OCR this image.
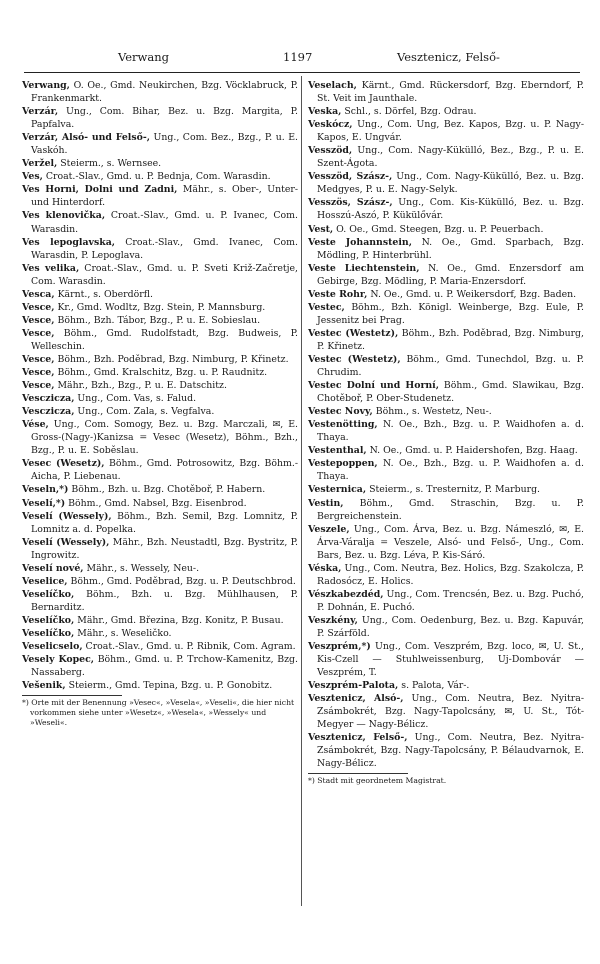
Verwang	1197	Vesztenicz, Felső-

Verwang, O. Oe., Gmd. Neukirchen, Bzg. Vöcklabruck, P. Frankenmarkt.

Verzár, Ung., Com. Bihar, Bez. u. Bzg. Margita, P. Papfalva.

Verzár, Alsó- und Felső-, Ung., Com. Bez., Bzg., P. u. E. Vaskóh.

Veržel, Steierm., s. Wernsee.

Ves, Croat.-Slav., Gmd. u. P. Bednja, Com. Warasdin.

Ves Horni, Dolni und Zadni, Mähr., s. Ober-, Unter- und Hinterdorf.

Ves klenovička, Croat.-Slav., Gmd. u. P. Ivanec, Com. Warasdin.

Ves lepoglavska, Croat.-Slav., Gmd. Ivanec, Com. Warasdin, P. Lepoglava.

Ves velika, Croat.-Slav., Gmd. u. P. Sveti Križ-Začretje, Com. Warasdin.

Vesca, Kärnt., s. Oberdörfl.

Vesce, Kr., Gmd. Wodltz, Bzg. Stein, P. Mannsburg.

Vesce, Böhm., Bzh. Tábor, Bzg., P. u. E. Sobieslau.

Vesce, Böhm., Gmd. Rudolfstadt, Bzg. Budweis, P. Welleschin.

Vesce, Böhm., Bzh. Poděbrad, Bzg. Nimburg, P. Křinetz.

Vesce, Böhm., Gmd. Kralschitz, Bzg. u. P. Raudnitz.

Vesce, Mähr., Bzh., Bzg., P. u. E. Datschitz.

Vesczicza, Ung., Com. Vas, s. Falud.

Vesczicza, Ung., Com. Zala, s. Vegfalva.

Vése, Ung., Com. Somogy, Bez. u. Bzg. Marczali, ✉, E. Gross-(Nagy-)Kanizsa = Vesec (Wesetz), Böhm., Bzh., Bzg., P. u. E. Soběslau.

Vesec (Wesetz), Böhm., Gmd. Potrosowitz, Bzg. Böhm.-Aicha, P. Liebenau.

Veseln,*) Böhm., Bzh. u. Bzg. Chotěboř, P. Habern.

Veselí,*) Böhm., Gmd. Nabsel, Bzg. Eisenbrod.

Veselí (Wessely), Böhm., Bzh. Semil, Bzg. Lomnitz, P. Lomnitz a. d. Popelka.

Veselí (Wessely), Mähr., Bzh. Neustadtl, Bzg. Bystritz, P. Ingrowitz.

Veselí nové, Mähr., s. Wessely, Neu-.

Veselice, Böhm., Gmd. Poděbrad, Bzg. u. P. Deutschbrod.

Veselíčko, Böhm., Bzh. u. Bzg. Mühlhausen, P. Bernarditz.

Veselíčko, Mähr., Gmd. Březina, Bzg. Konitz, P. Busau.

Veselíčko, Mähr., s. Weseličko.

Veselicselo, Croat.-Slav., Gmd. u. P. Ribnik, Com. Agram.

Vesely Kopec, Böhm., Gmd. u. P. Trchow-Kamenitz, Bzg. Nassaberg.

Vešenik, Steierm., Gmd. Tepina, Bzg. u. P. Gonobitz.

*) Orte mit der Benennung »Vesec«, »Vesela«, »Veseli«, die hier nicht vorkommen siehe unter »Wesetz«, »Wesela«, »Wessely« und »Weseli«.

Veselach, Kärnt., Gmd. Rückersdorf, Bzg. Eberndorf, P. St. Veit im Jaunthale.

Veska, Schl., s. Dörfel, Bzg. Odrau.

Veskócz, Ung., Com. Ung, Bez. Kapos, Bzg. u. P. Nagy-Kapos, E. Ungvár.

Vesszöd, Ung., Com. Nagy-Kükülló, Bez., Bzg., P. u. E. Szent-Ágota.

Vesszöd, Szász-, Ung., Com. Nagy-Kükülló, Bez. u. Bzg. Medgyes, P. u. E. Nagy-Selyk.

Vesszös, Szász-, Ung., Com. Kis-Kükülló, Bez. u. Bzg. Hosszú-Aszó, P. Kükülővár.

Vest, O. Oe., Gmd. Steegen, Bzg. u. P. Peuerbach.

Veste Johannstein, N. Oe., Gmd. Sparbach, Bzg. Mödling, P. Hinterbrühl.

Veste Liechtenstein, N. Oe., Gmd. Enzersdorf am Gebirge, Bzg. Mödling, P. Maria-Enzersdorf.

Veste Rohr, N. Oe., Gmd. u. P. Weikersdorf, Bzg. Baden.

Vestec, Böhm., Bzh. Königl. Weinberge, Bzg. Eule, P. Jessenitz bei Prag.

Vestec (Westetz), Böhm., Bzh. Poděbrad, Bzg. Nimburg, P. Křinetz.

Vestec (Westetz), Böhm., Gmd. Tunechdol, Bzg. u. P. Chrudim.

Vestec Dolní und Horní, Böhm., Gmd. Slawikau, Bzg. Chotěboř, P. Ober-Studenetz.

Vestec Novy, Böhm., s. Westetz, Neu-.

Vestenötting, N. Oe., Bzh., Bzg. u. P. Waidhofen a. d. Thaya.

Vestenthal, N. Oe., Gmd. u. P. Haidershofen, Bzg. Haag.

Vestepoppen, N. Oe., Bzh., Bzg. u. P. Waidhofen a. d. Thaya.

Vesternica, Steierm., s. Tresternitz, P. Marburg.

Vestin, Böhm., Gmd. Straschin, Bzg. u. P. Bergreichenstein.

Veszele, Ung., Com. Árva, Bez. u. Bzg. Námeszló, ✉, E. Árva-Váralja = Veszele, Alsó- und Felső-, Ung., Com. Bars, Bez. u. Bzg. Léva, P. Kis-Sáró.

Véska, Ung., Com. Neutra, Bez. Holics, Bzg. Szakolcza, P. Radosócz, E. Holics.

Vészkabezdéd, Ung., Com. Trencsén, Bez. u. Bzg. Puchó, P. Dohnán, E. Puchó.

Veszkény, Ung., Com. Oedenburg, Bez. u. Bzg. Kapuvár, P. Szárföld.

Veszprém,*) Ung., Com. Veszprém, Bzg. loco, ✉, U. St., Kis-Czell — Stuhlweissenburg, Uj-Dombovár — Veszprém, T.

Veszprém-Palota, s. Palota, Vár-.

Vesztenicz, Alsó-, Ung., Com. Neutra, Bez. Nyitra-Zsámbokrét, Bzg. Nagy-Tapolcsány, ✉, U. St., Tót-Megyer — Nagy-Bélicz.

Vesztenicz, Felső-, Ung., Com. Neutra, Bez. Nyitra-Zsámbokrét, Bzg. Nagy-Tapolcsány, P. Bélaudvarnok, E. Nagy-Bélicz.

*) Stadt mit geordnetem Magistrat.
